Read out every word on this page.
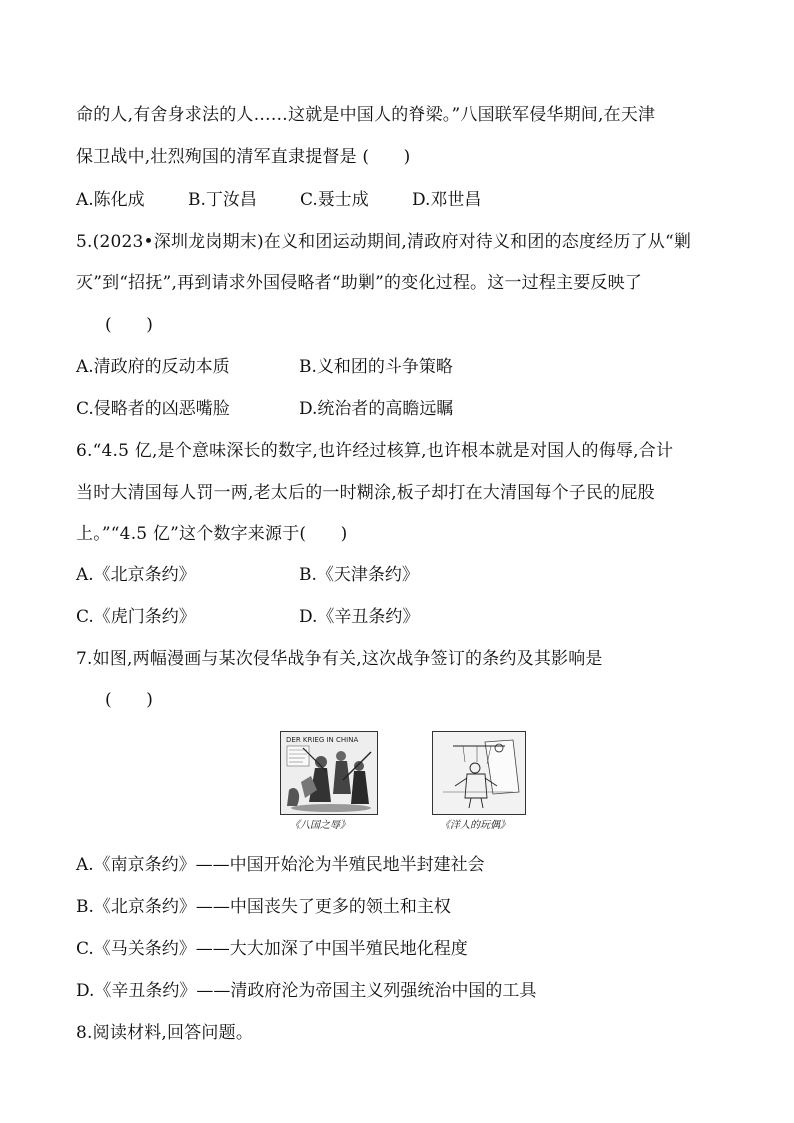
命的人,有舍身求法的人……这就是中国人的脊梁。”八国联军侵华期间,在天津
保卫战中,壮烈殉国的清军直隶提督是 (　　)
A.陈化成	B.丁汝昌	C.聂士成	D.邓世昌
5.(2023•深圳龙岗期末)在义和团运动期间,清政府对待义和团的态度经历了从“剿
灭”到“招抚”,再到请求外国侵略者“助剿”的变化过程。这一过程主要反映了
(　　)
A.清政府的反动本质	B.义和团的斗争策略
C.侵略者的凶恶嘴脸	D.统治者的高瞻远瞩
6.“4.5 亿,是个意味深长的数字,也许经过核算,也许根本就是对国人的侮辱,合计
当时大清国每人罚一两,老太后的一时糊涂,板子却打在大清国每个子民的屁股
上。”“4.5 亿”这个数字来源于(　　)
A.《北京条约》	B.《天津条约》
C.《虎门条约》	D.《辛丑条约》
7.如图,两幅漫画与某次侵华战争有关,这次战争签订的条约及其影响是
(　　)
DER KRIEG IN CHINA
《八国之辱》	《洋人的玩偶》
A.《南京条约》——中国开始沦为半殖民地半封建社会
B.《北京条约》——中国丧失了更多的领土和主权
C.《马关条约》——大大加深了中国半殖民地化程度
D.《辛丑条约》——清政府沦为帝国主义列强统治中国的工具
8.阅读材料,回答问题。
